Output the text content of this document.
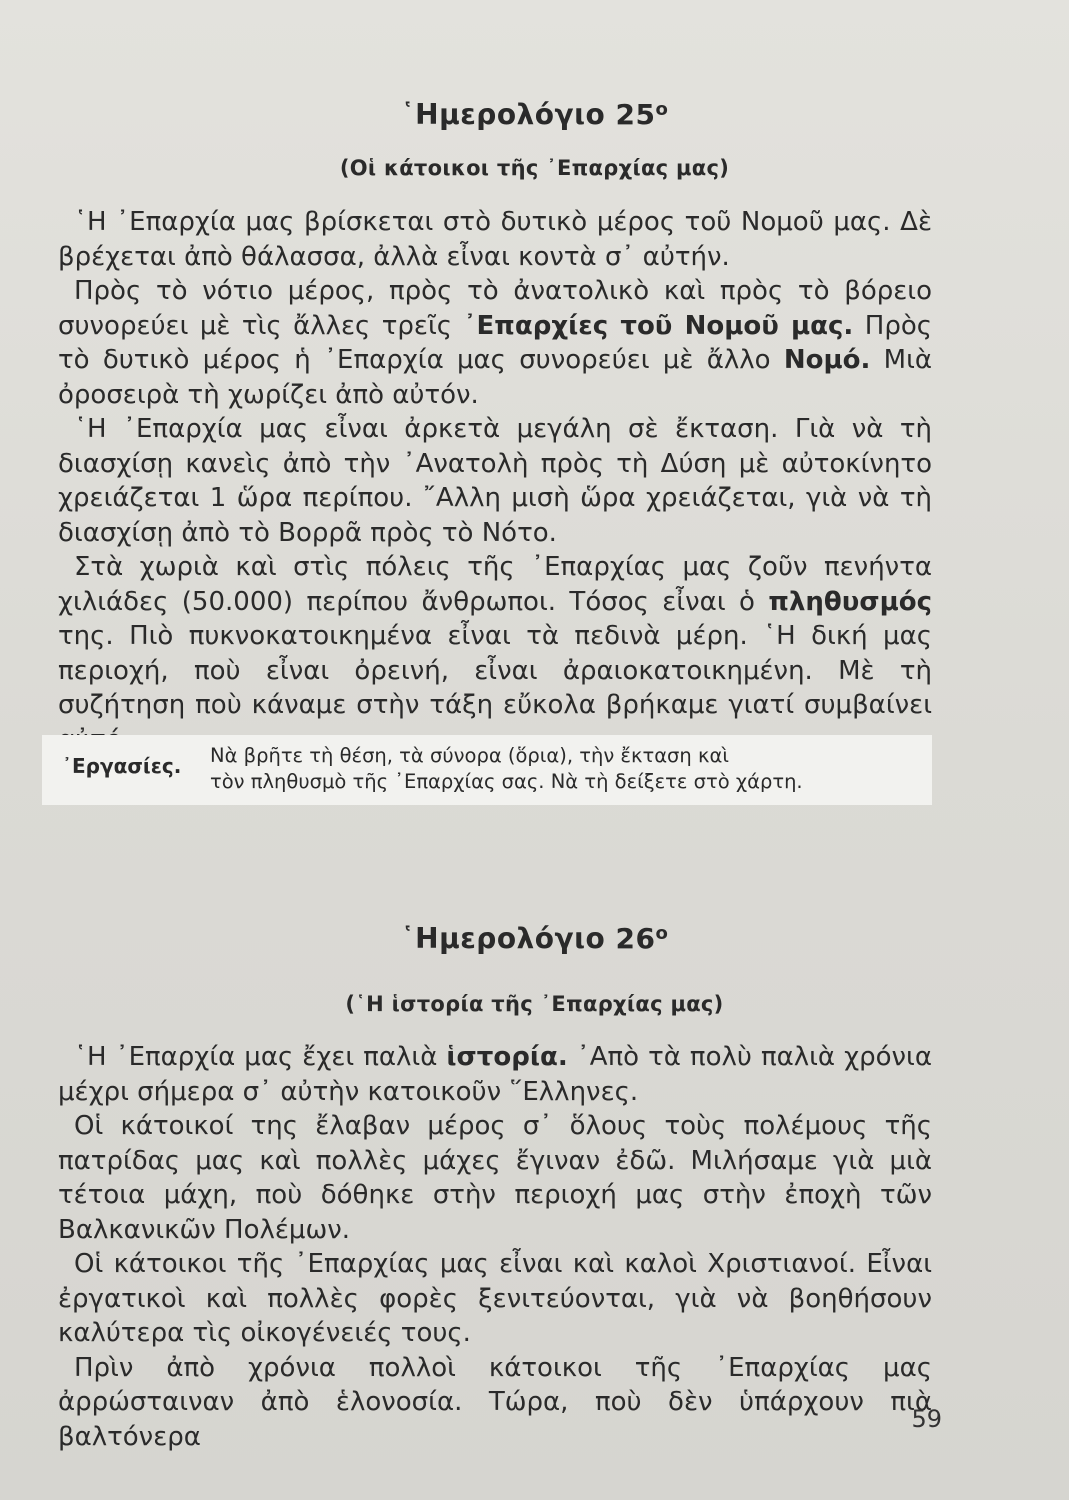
῾Ημερολόγιο $25^o$
(Οἱ κάτοικοι τῆς ᾿Επαρχίας μας)

῾Η ᾿Επαρχία μας βρίσκεται στὸ δυτικὸ μέρος τοῦ Νομοῦ μας. Δὲ βρέχεται ἀπὸ θάλασσα, ἀλλὰ εἶναι κοντὰ σ᾿ αὐτήν.

Πρὸς τὸ νότιο μέρος, πρὸς τὸ ἀνατολικὸ καὶ πρὸς τὸ βόρειο συνορεύει μὲ τὶς ἄλλες τρεῖς ᾿Επαρχίες τοῦ Νομοῦ μας. Πρὸς τὸ δυτικὸ μέρος ἡ ᾿Επαρχία μας συνορεύει μὲ ἄλλο Νομό. Μιὰ ὀροσειρὰ τὴ χωρίζει ἀπὸ αὐτόν.

῾Η ᾿Επαρχία μας εἶναι ἀρκετὰ μεγάλη σὲ ἔκταση. Γιὰ νὰ τὴ διασχίσῃ κανεὶς ἀπὸ τὴν ᾿Ανατολὴ πρὸς τὴ Δύση μὲ αὐτοκίνητο χρειάζεται 1 ὥρα περίπου. ῎Αλλη μισὴ ὥρα χρειάζεται, γιὰ νὰ τὴ διασχίσῃ ἀπὸ τὸ Βορρᾶ πρὸς τὸ Νότο.

Στὰ χωριὰ καὶ στὶς πόλεις τῆς ᾿Επαρχίας μας ζοῦν πενήντα χιλιάδες (50.000) περίπου ἄνθρωποι. Τόσος εἶναι ὁ πληθυσμός της. Πιὸ πυκνοκατοικημένα εἶναι τὰ πεδινὰ μέρη. ῾Η δική μας περιοχή, ποὺ εἶναι ὀρεινή, εἶναι ἀραιοκατοικημένη. Μὲ τὴ συζήτηση ποὺ κάναμε στὴν τάξη εὔκολα βρήκαμε γιατί συμβαίνει

᾿Εργασίες. Νὰ βρῆτε τὴ θέση, τὰ σύνορα (ὅρια), τὴν ἔκταση καὶ
τὸν πληθυσμὸ τῆς ᾿Επαρχίας σας. Νὰ τὴ δείξετε στὸ χάρτη.
῾Ημερολόγιο $26^o$
(῾Η ἱστορία τῆς ᾿Επαρχίας μας)

῾Η ᾿Επαρχία μας ἔχει παλιὰ ἱστορία. ᾿Απὸ τὰ πολὺ παλιὰ χρόνια μέχρι σήμερα σ᾿ αὐτὴν κατοικοῦν ῞Ελληνες.

Οἱ κάτοικοί της ἔλαβαν μέρος σ᾿ ὅλους τοὺς πολέμους τῆς πατρίδας μας καὶ πολλὲς μάχες ἔγιναν ἐδῶ. Μιλήσαμε γιὰ μιὰ τέτοια μάχη, ποὺ δόθηκε στὴν περιοχή μας στὴν ἐποχὴ τῶν Βαλκανικῶν Πολέμων.

Οἱ κάτοικοι τῆς ᾿Επαρχίας μας εἶναι καὶ καλοὶ Χριστιανοί. Εἶναι ἐργατικοὶ καὶ πολλὲς φορὲς ξενιτεύονται, γιὰ νὰ βοηθήσουν καλύτερα τὶς οἰκογένειές τους.

Πρὶν ἀπὸ χρόνια πολλοὶ κάτοικοι τῆς ᾿Επαρχίας μας ἀρρώσταιναν ἀπὸ ἑλονοσία. Τώρα, ποὺ δὲν ὑπάρχουν πιὰ βαλτόνερα

59
